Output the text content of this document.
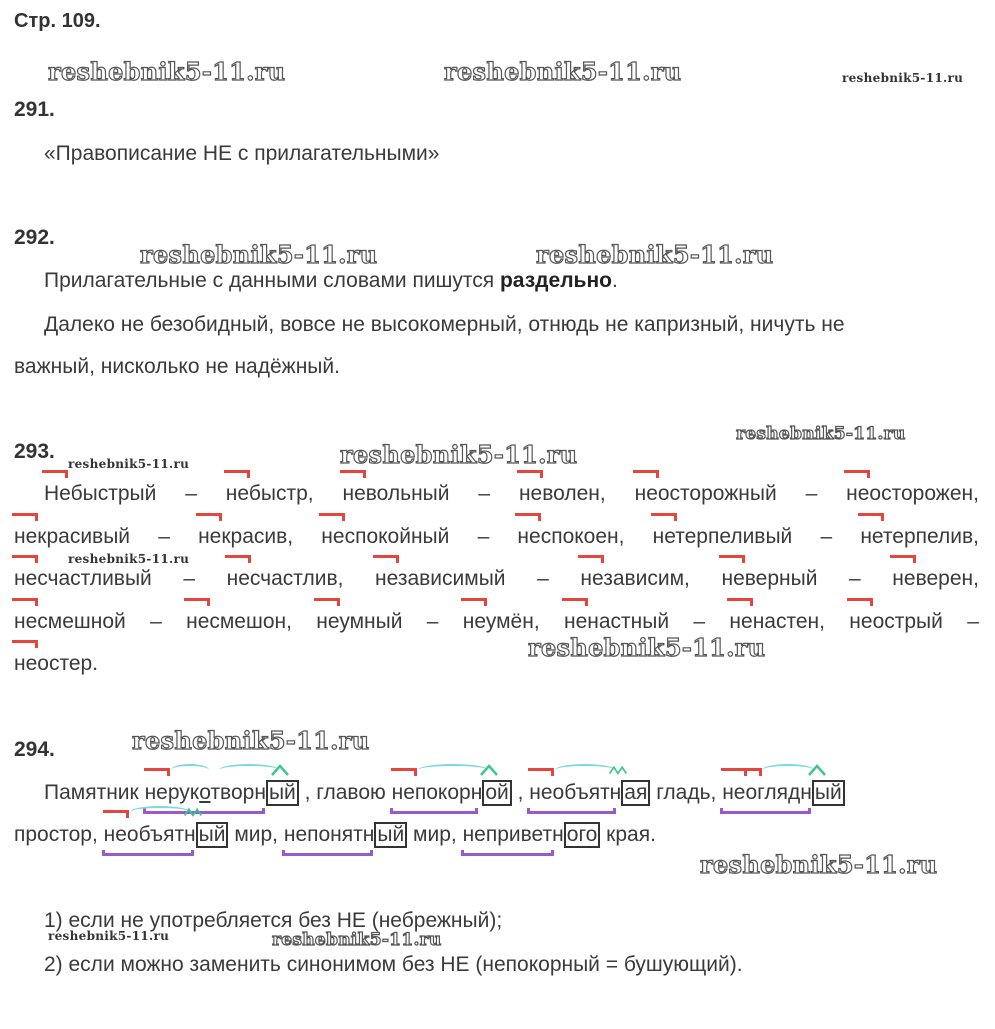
Стр. 109.
reshebnik5-11.ru	reshebnik5-11.ru	reshebnik5-11.ru
reshebnik5-11.ru	reshebnik5-11.ru
reshebnik5-11.ru
reshebnik5-11.ru
reshebnik5-11.ru
reshebnik5-11.ru
reshebnik5-11.ru
reshebnik5-11.ru
reshebnik5-11.ru
reshebnik5-11.ru	reshebnik5-11.ru
291.
«Правописание НЕ с прилагательными»
292.
Прилагательные с данными словами пишутся раздельно.
Далеко не безобидный, вовсе не высокомерный, отнюдь не капризный, ничуть не
важный, нисколько не надёжный.
293.
Небыстрый – небыстр, невольный – неволен, неосторожный – неосторожен,
некрасивый – некрасив, неспокойный – неспокоен, нетерпеливый – нетерпелив,
несчастливый – несчастлив, независимый – независим, неверный – неверен,
несмешной – несмешон, неумный – неумён, ненастный – ненастен, неострый –
неостер.
294.
Памятник нерукотворн ый , главою непокорн ой , необъятн ая гладь, неоглядн ый
простор, необъятн ый мир, непонятн ый мир, неприветн ого края.
1) если не употребляется без НЕ (небрежный);
2) если можно заменить синонимом без НЕ (непокорный = бушующий).
